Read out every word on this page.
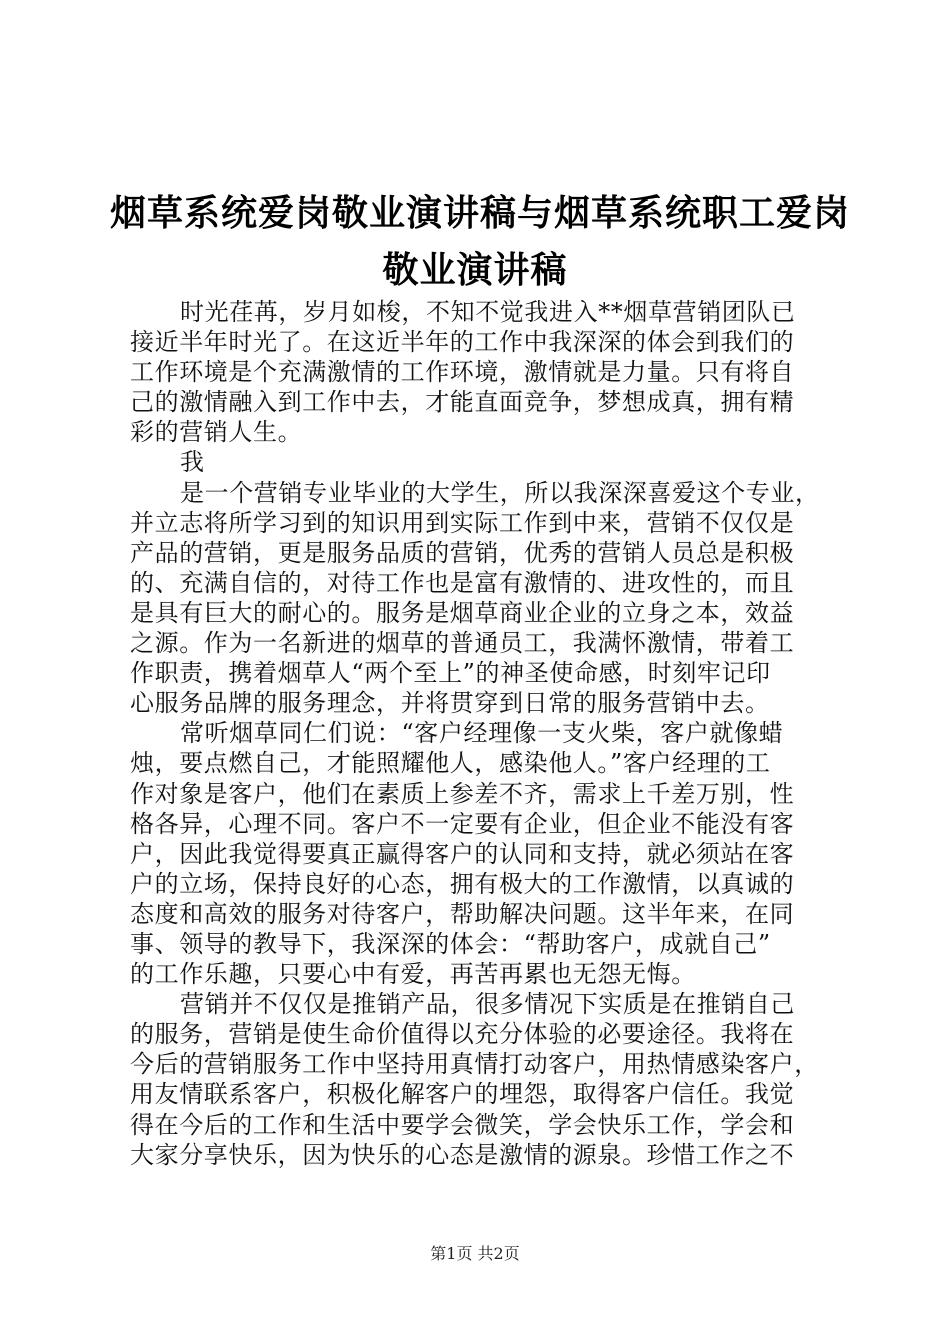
烟草系统爱岗敬业演讲稿与烟草系统职工爱岗
敬业演讲稿
时光荏苒，岁月如梭，不知不觉我进入**烟草营销团队已
接近半年时光了。在这近半年的工作中我深深的体会到我们的
工作环境是个充满激情的工作环境，激情就是力量。只有将自
己的激情融入到工作中去，才能直面竞争，梦想成真，拥有精
彩的营销人生。
我
是一个营销专业毕业的大学生，所以我深深喜爱这个专业，
并立志将所学习到的知识用到实际工作到中来，营销不仅仅是
产品的营销，更是服务品质的营销，优秀的营销人员总是积极
的、充满自信的，对待工作也是富有激情的、进攻性的，而且
是具有巨大的耐心的。服务是烟草商业企业的立身之本，效益
之源。作为一名新进的烟草的普通员工，我满怀激情，带着工
作职责，携着烟草人“两个至上”的神圣使命感，时刻牢记印
心服务品牌的服务理念，并将贯穿到日常的服务营销中去。
常听烟草同仁们说：“客户经理像一支火柴，客户就像蜡
烛，要点燃自己，才能照耀他人，感染他人。”客户经理的工
作对象是客户，他们在素质上参差不齐，需求上千差万别，性
格各异，心理不同。客户不一定要有企业，但企业不能没有客
户，因此我觉得要真正赢得客户的认同和支持，就必须站在客
户的立场，保持良好的心态，拥有极大的工作激情，以真诚的
态度和高效的服务对待客户，帮助解决问题。这半年来，在同
事、领导的教导下，我深深的体会：“帮助客户，成就自己”
的工作乐趣，只要心中有爱，再苦再累也无怨无悔。
营销并不仅仅是推销产品，很多情况下实质是在推销自己
的服务，营销是使生命价值得以充分体验的必要途径。我将在
今后的营销服务工作中坚持用真情打动客户，用热情感染客户，
用友情联系客户，积极化解客户的埋怨，取得客户信任。我觉
得在今后的工作和生活中要学会微笑，学会快乐工作，学会和
大家分享快乐，因为快乐的心态是激情的源泉。珍惜工作之不
第1页 共2页
